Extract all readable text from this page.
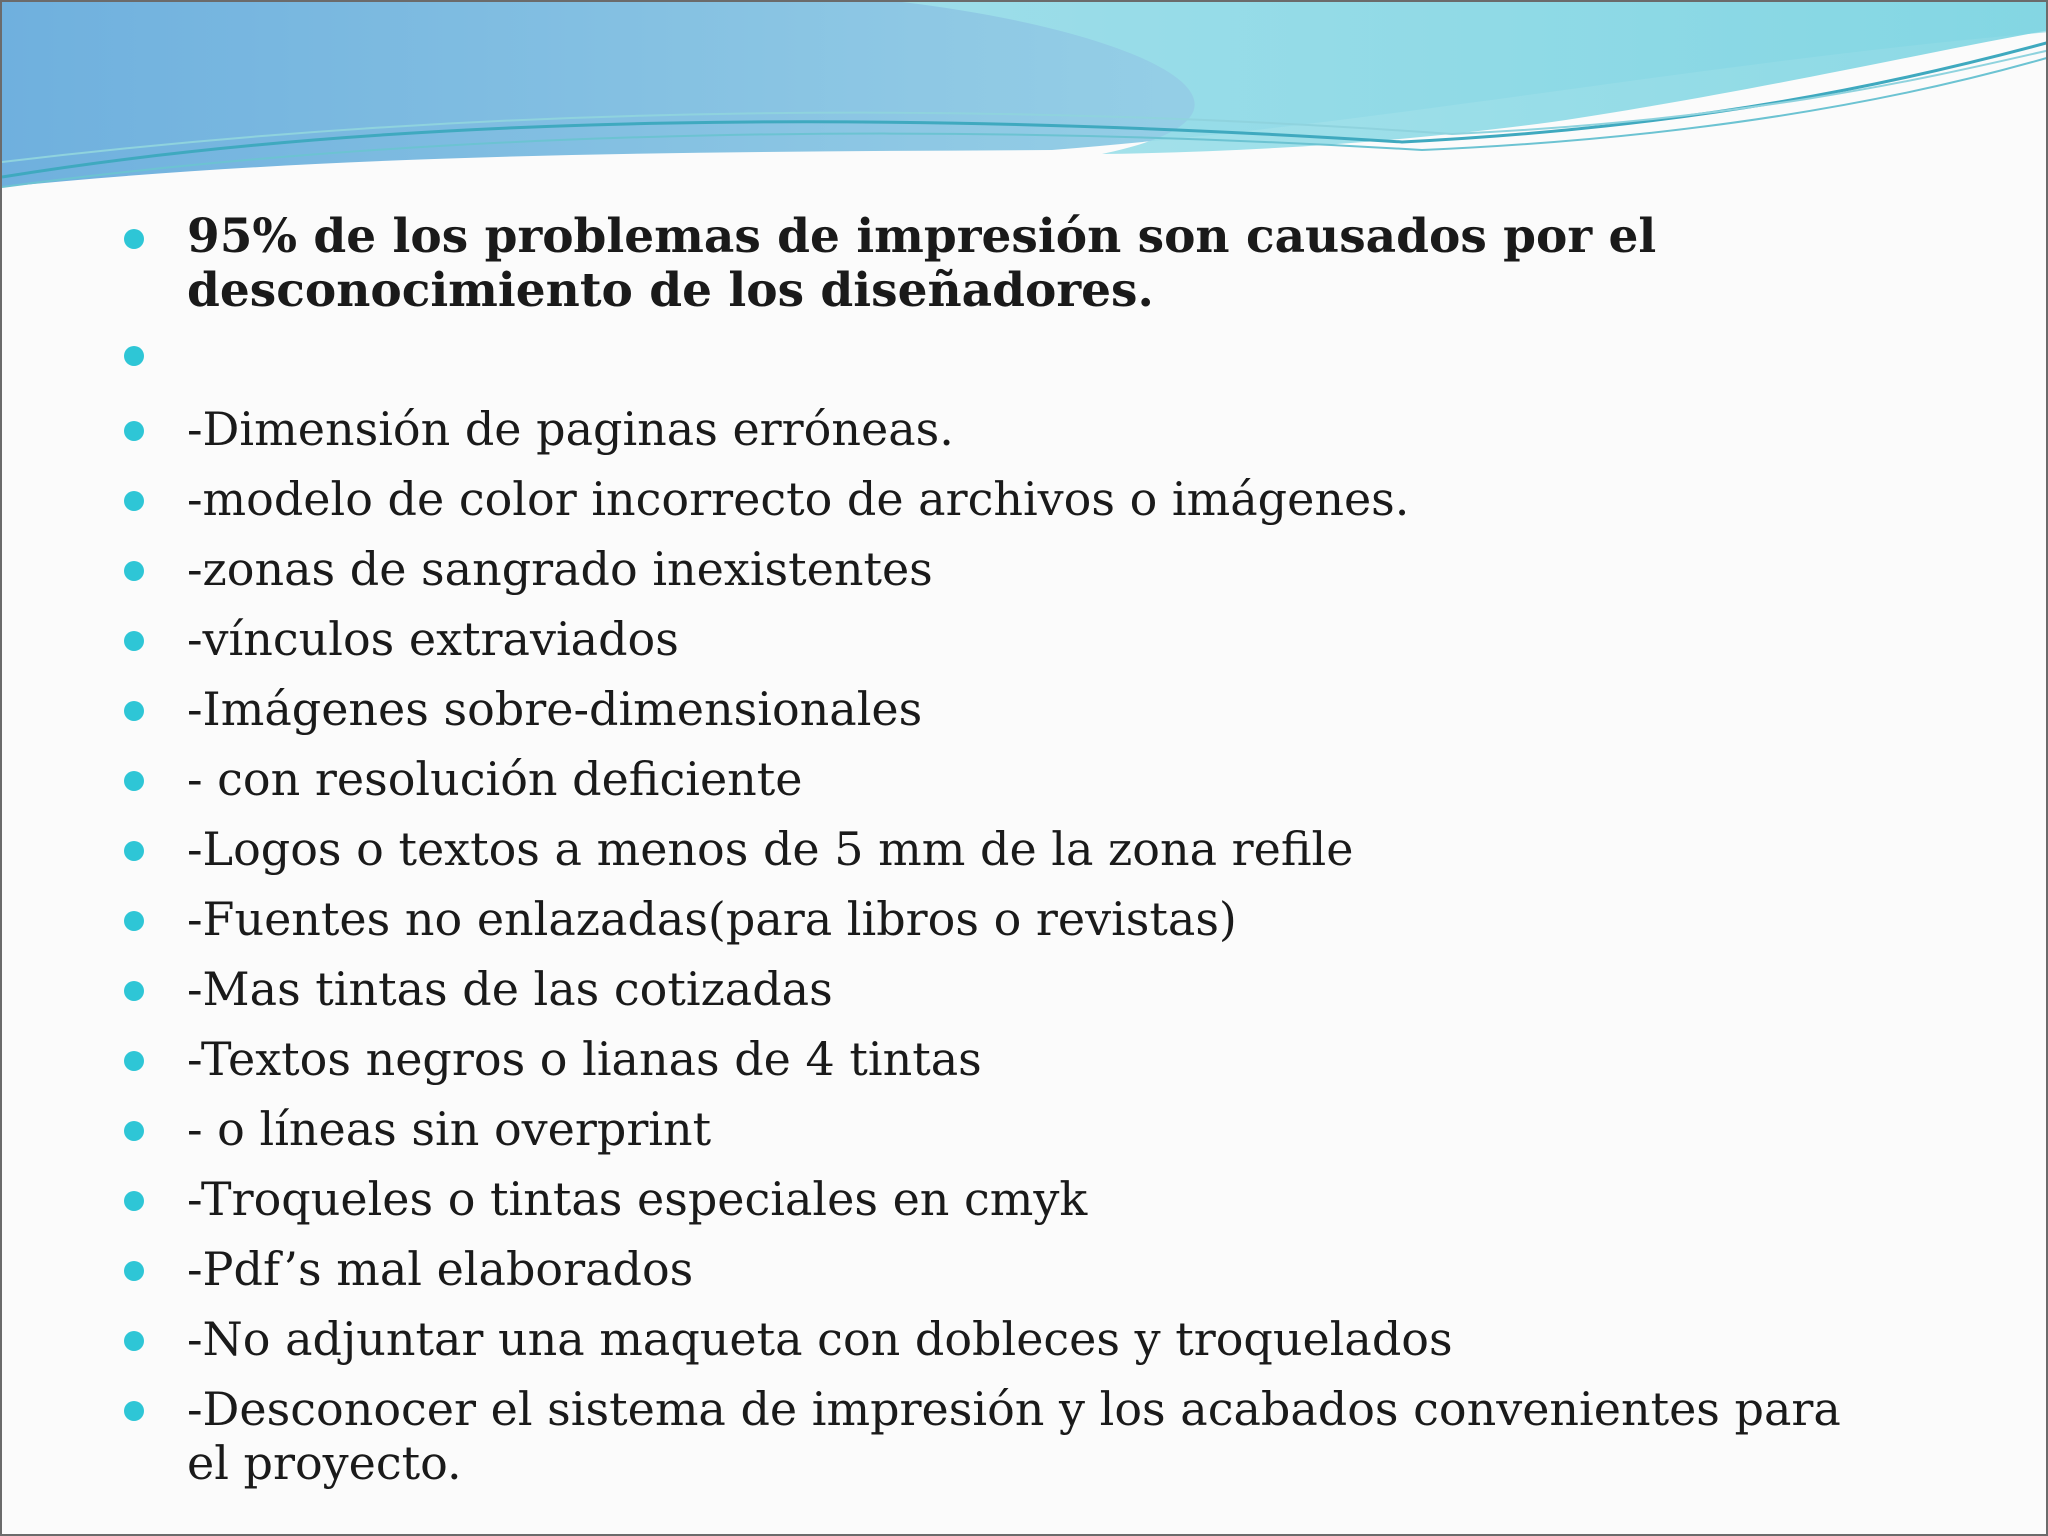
95% de los problemas de impresión son causados por el
desconocimiento de los diseñadores.
-Dimensión de paginas erróneas.
-modelo de color incorrecto de archivos o imágenes.
-zonas de sangrado inexistentes
-vínculos extraviados
-Imágenes sobre-dimensionales
- con resolución deficiente
-Logos o textos a menos de 5 mm de la zona refile
-Fuentes no enlazadas(para libros o revistas)
-Mas tintas de las cotizadas
-Textos negros o lianas de 4 tintas
- o líneas sin overprint
-Troqueles o tintas especiales en cmyk
-Pdf’s mal elaborados
-No adjuntar una maqueta con dobleces y troquelados
-Desconocer el sistema de impresión y los acabados convenientes para
el proyecto.
